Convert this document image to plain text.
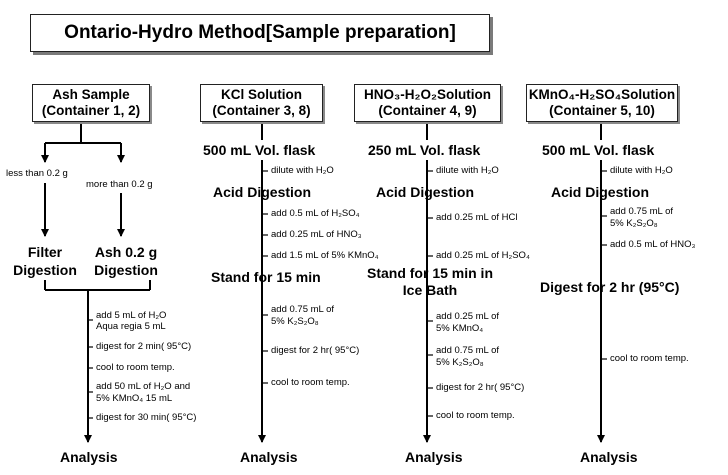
Ontario-Hydro Method[Sample preparation]
Ash Sample
(Container 1, 2)
KCl Solution
(Container 3, 8)
HNO₃-H₂O₂Solution
(Container 4, 9)
KMnO₄-H₂SO₄Solution
(Container 5, 10)
less than 0.2 g
more than 0.2 g
Filter
Digestion
Ash 0.2 g
Digestion
add 5 mL of H₂O
Aqua regia 5 mL
digest for 2 min( 95°C)
cool to room temp.
add 50 mL of H₂O and
5% KMnO₄ 15 mL
digest for 30 min( 95°C)
Analysis
500 mL Vol. flask
dilute with H₂O
Acid Digestion
add 0.5 mL of H₂SO₄
add 0.25 mL of HNO₃
add 1.5 mL of 5% KMnO₄
Stand for 15 min
add 0.75 mL of
5% K₂S₂O₈
digest for 2 hr( 95°C)
cool to room temp.
Analysis
250 mL Vol. flask
dilute with H₂O
Acid Digestion
add 0.25 mL of HCl
add 0.25 mL of H₂SO₄
Stand for 15 min in
Ice Bath
add 0.25 mL of
5% KMnO₄
add 0.75 mL of
5% K₂S₂O₈
digest for 2 hr( 95°C)
cool to room temp.
Analysis
500 mL Vol. flask
dilute with H₂O
Acid Digestion
add 0.75 mL of
5% K₂S₂O₈
add 0.5 mL of HNO₃
Digest for 2 hr (95°C)
cool to room temp.
Analysis
